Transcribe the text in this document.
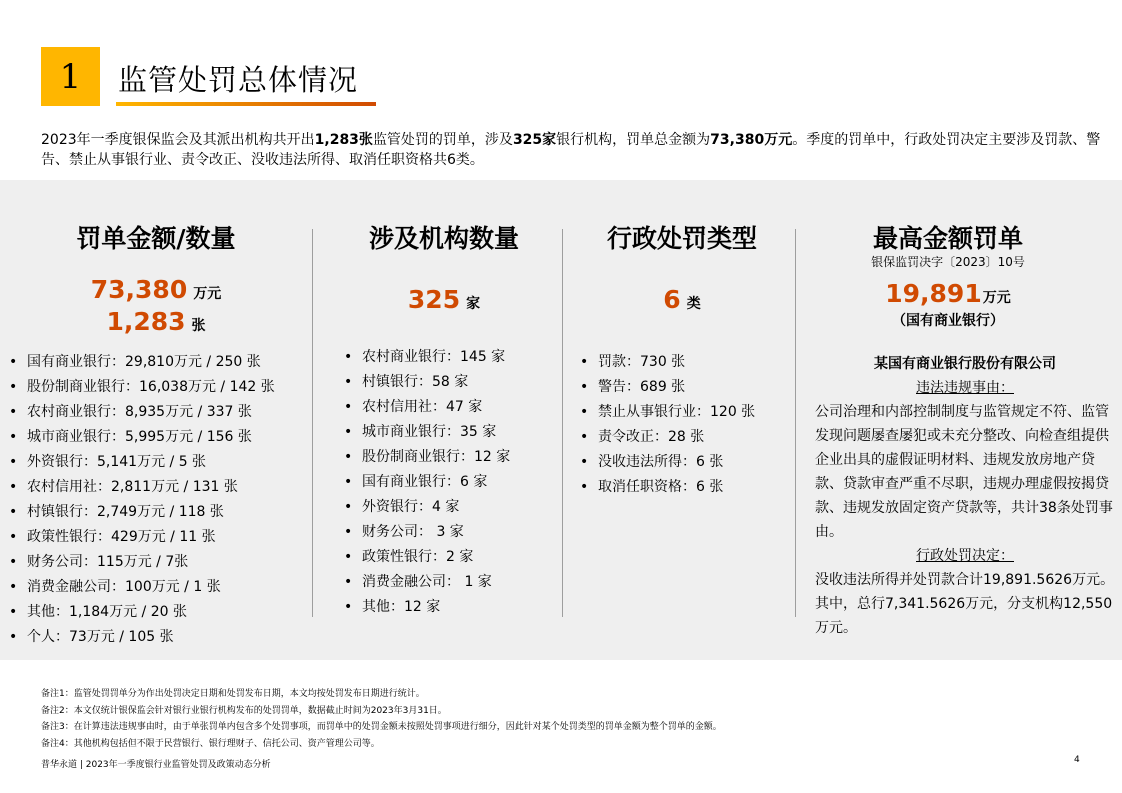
1 监管处罚总体情况
2023年一季度银保监会及其派出机构共开出1,283张监管处罚的罚单，涉及325家银行机构，罚单总金额为73,380万元。季度的罚单中，行政处罚决定主要涉及罚款、警告、禁止从事银行业、责令改正、没收违法所得、取消任职资格共6类。
罚单金额/数量
73,380 万元
1,283 张
• 国有商业银行：29,810万元 / 250 张
• 股份制商业银行：16,038万元 / 142 张
• 农村商业银行：8,935万元 / 337 张
• 城市商业银行：5,995万元 / 156 张
• 外资银行：5,141万元 / 5 张
• 农村信用社：2,811万元 / 131 张
• 村镇银行：2,749万元 / 118 张
• 政策性银行：429万元 / 11 张
• 财务公司：115万元 / 7张
• 消费金融公司：100万元 / 1 张
• 其他：1,184万元 / 20 张
• 个人：73万元 / 105 张
涉及机构数量
325 家
• 农村商业银行：145 家
• 村镇银行：58 家
• 农村信用社：47 家
• 城市商业银行：35 家
• 股份制商业银行：12 家
• 国有商业银行：6 家
• 外资银行：4 家
• 财务公司： 3 家
• 政策性银行：2 家
• 消费金融公司： 1 家
• 其他：12 家
行政处罚类型
6 类
• 罚款：730 张
• 警告：689 张
• 禁止从事银行业：120 张
• 责令改正：28 张
• 没收违法所得：6 张
• 取消任职资格：6 张
最高金额罚单
银保监罚决字〔2023〕10号
19,891万元
（国有商业银行）
某国有商业银行股份有限公司
违法违规事由：
公司治理和内部控制制度与监管规定不符、监管发现问题屡查屡犯或未充分整改、向检查组提供企业出具的虚假证明材料、违规发放房地产贷款、贷款审查严重不尽职，违规办理虚假按揭贷款、违规发放固定资产贷款等，共计38条处罚事由。
行政处罚决定：
没收违法所得并处罚款合计19,891.5626万元。其中，总行7,341.5626万元，分支机构12,550万元。
备注1：监管处罚罚单分为作出处罚决定日期和处罚发布日期，本文均按处罚发布日期进行统计。
备注2：本文仅统计银保监会针对银行业银行机构发布的处罚罚单，数据截止时间为2023年3月31日。
备注3：在计算违法违规事由时，由于单张罚单内包含多个处罚事项，而罚单中的处罚金额未按照处罚事项进行细分，因此针对某个处罚类型的罚单金额为整个罚单的金额。
备注4：其他机构包括但不限于民营银行、银行理财子、信托公司、资产管理公司等。
普华永道 | 2023年一季度银行业监管处罚及政策动态分析	4
